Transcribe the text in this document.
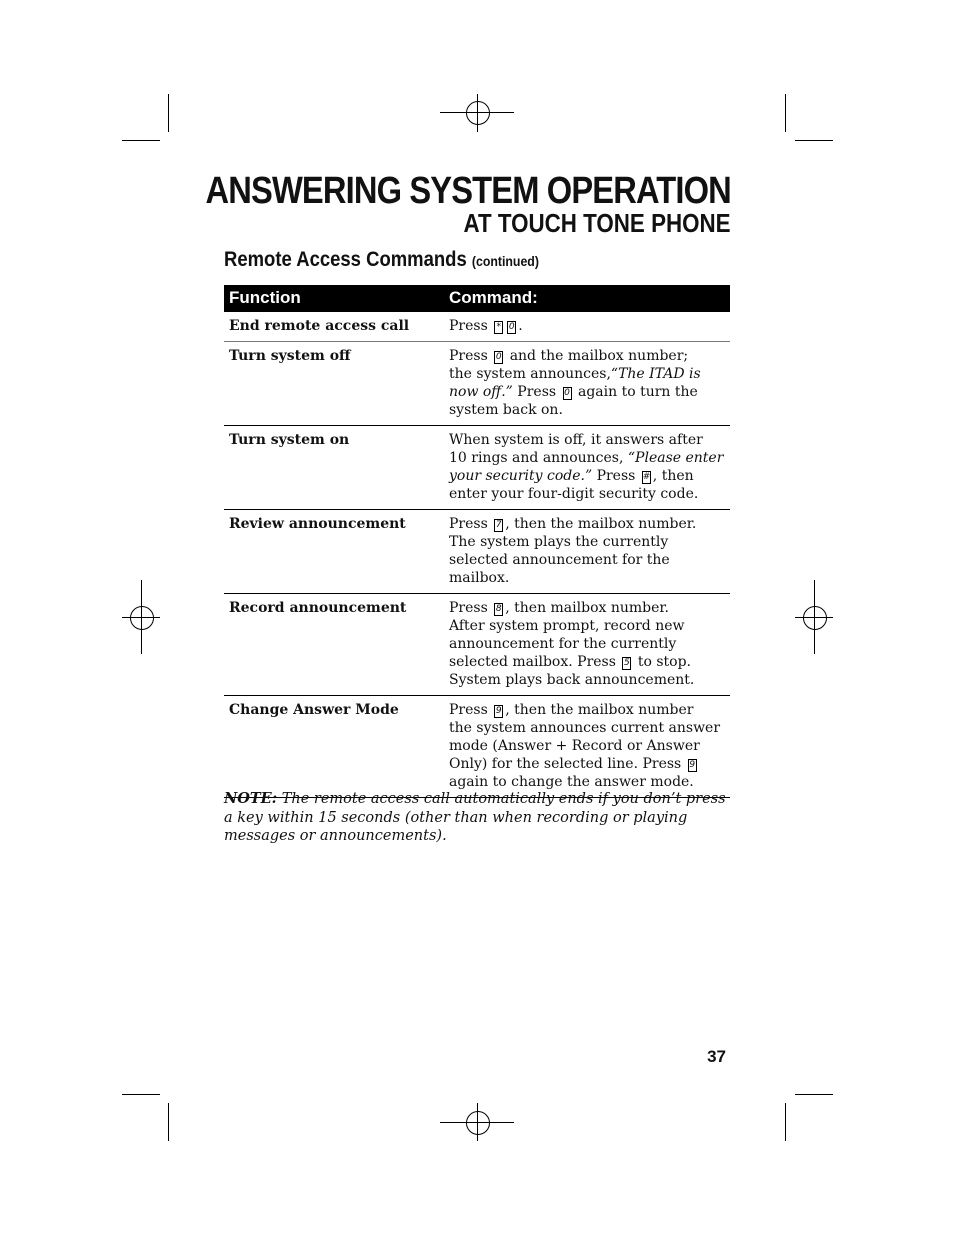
ANSWERING SYSTEM OPERATION
AT TOUCH TONE PHONE
Remote Access Commands (continued)
Function	Command:
End remote access call	Press * 0 .
Turn system off	Press 0 and the mailbox number;
the system announces,“The ITAD is now off.” Press 0 again to turn the system back on.
Turn system on	When system is off, it answers after 10 rings and announces, “Please enter your security code.” Press # , then enter your four-digit security code.
Review announcement	Press 7 , then the mailbox number.
The system plays the currently selected announcement for the mailbox.
Record announcement	Press 8 , then mailbox number.
After system prompt, record new announcement for the currently selected mailbox. Press 5 to stop. System plays back announcement.
Change Answer Mode	Press 9 , then the mailbox number
the system announces current answer mode (Answer + Record or Answer Only) for the selected line. Press 9
again to change the answer mode.
NOTE: The remote access call automatically ends if you don’t press a key within 15 seconds (other than when recording or playing messages or announcements).
37
